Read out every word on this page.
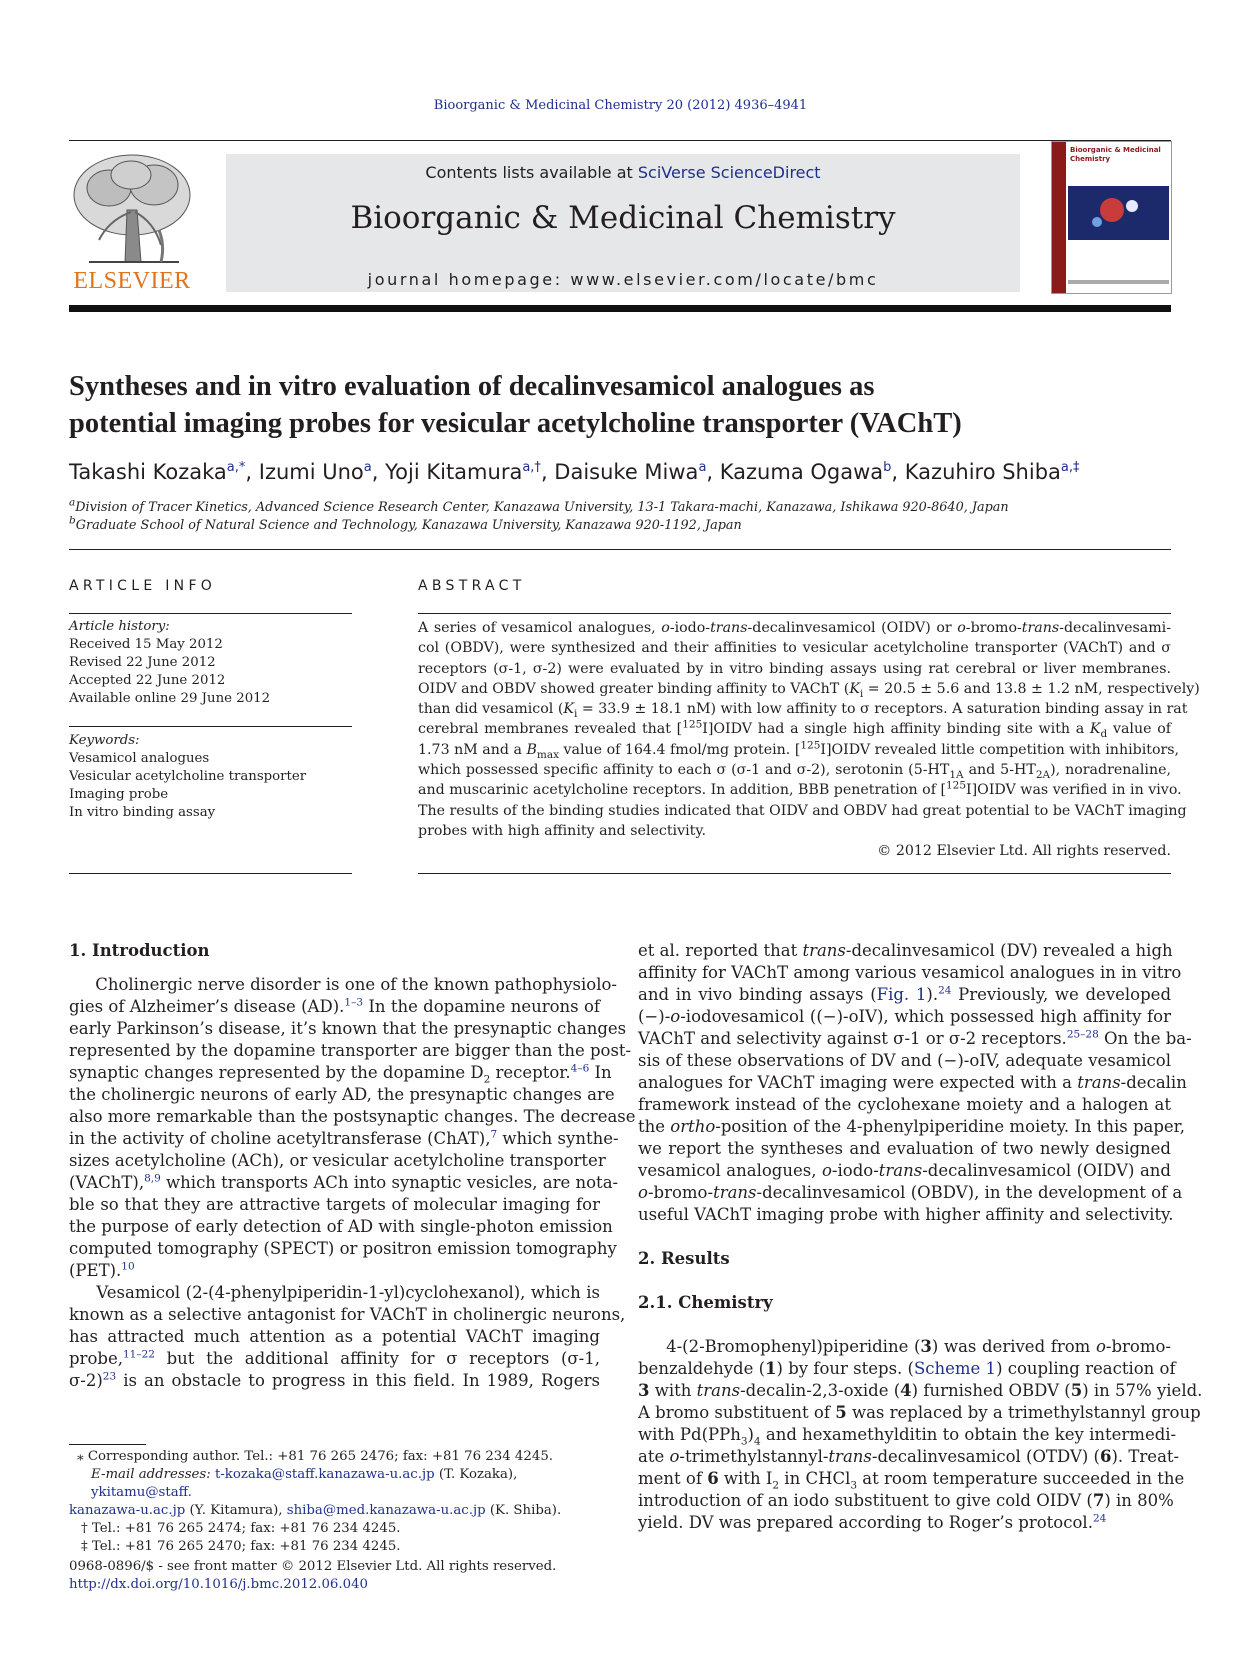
Bioorganic & Medicinal Chemistry 20 (2012) 4936–4941
ELSEVIER
Contents lists available at SciVerse ScienceDirect
Bioorganic & Medicinal Chemistry
journal homepage: www.elsevier.com/locate/bmc
Bioorganic & Medicinal Chemistry
Syntheses and in vitro evaluation of decalinvesamicol analogues as
potential imaging probes for vesicular acetylcholine transporter (VAChT)
Takashi Kozaka$^{a,*}$, Izumi Uno$^a$, Yoji Kitamura$^{a,\dagger}$, Daisuke Miwa$^a$, Kazuma Ogawa$^b$, Kazuhiro Shiba$^{a,\ddagger}$
$^a$Division of Tracer Kinetics, Advanced Science Research Center, Kanazawa University, 13-1 Takara-machi, Kanazawa, Ishikawa 920-8640, Japan
$^b$Graduate School of Natural Science and Technology, Kanazawa University, Kanazawa 920-1192, Japan
ARTICLE INFO	ABSTRACT
Article history:
Received 15 May 2012
Revised 22 June 2012
Accepted 22 June 2012
Available online 29 June 2012
Keywords:
Vesamicol analogues
Vesicular acetylcholine transporter
Imaging probe
In vitro binding assay
A series of vesamicol analogues, o-iodo-trans-decalinvesamicol (OIDV) or o-bromo-trans-decalinvesami-
col (OBDV), were synthesized and their affinities to vesicular acetylcholine transporter (VAChT) and σ
receptors (σ-1, σ-2) were evaluated by in vitro binding assays using rat cerebral or liver membranes.
OIDV and OBDV showed greater binding affinity to VAChT ($K_i = 20.5 \pm 5.6$ and 13.8 ± 1.2 nM, respectively)
than did vesamicol ($K_i = 33.9 \pm 18.1$ nM) with low affinity to σ receptors. A saturation binding assay in rat
cerebral membranes revealed that [$^{125}$I]OIDV had a single high affinity binding site with a $K_d$ value of
1.73 nM and a $B_{max}$ value of 164.4 fmol/mg protein. [$^{125}$I]OIDV revealed little competition with inhibitors,
which possessed specific affinity to each σ (σ-1 and σ-2), serotonin ($5-HT_{1A}$ and $5-HT_{2A}$), noradrenaline,
and muscarinic acetylcholine receptors. In addition, BBB penetration of [$^{125}$I]OIDV was verified in in vivo.
The results of the binding studies indicated that OIDV and OBDV had great potential to be VAChT imaging
probes with high affinity and selectivity.
© 2012 Elsevier Ltd. All rights reserved.
1. Introduction
Cholinergic nerve disorder is one of the known pathophysiolo-
gies of Alzheimer’s disease (AD).$^{1-3}$ In the dopamine neurons of
early Parkinson’s disease, it’s known that the presynaptic changes
represented by the dopamine transporter are bigger than the post-
synaptic changes represented by the dopamine $D_2$ receptor.$^{4-6}$ In
the cholinergic neurons of early AD, the presynaptic changes are
also more remarkable than the postsynaptic changes. The decrease
in the activity of choline acetyltransferase (ChAT),$^7$ which synthe-
sizes acetylcholine (ACh), or vesicular acetylcholine transporter
(VAChT),$^{8,9}$ which transports ACh into synaptic vesicles, are nota-
ble so that they are attractive targets of molecular imaging for
the purpose of early detection of AD with single-photon emission
computed tomography (SPECT) or positron emission tomography
(PET).$^{10}$
Vesamicol (2-(4-phenylpiperidin-1-yl)cyclohexanol), which is
known as a selective antagonist for VAChT in cholinergic neurons,
has attracted much attention as a potential VAChT imaging
probe,$^{11-22}$ but the additional affinity for σ receptors (σ-1,
σ-2)$^{23}$ is an obstacle to progress in this field. In 1989, Rogers
⁎ Corresponding author. Tel.: +81 76 265 2476; fax: +81 76 234 4245.
E-mail addresses: t-kozaka@staff.kanazawa-u.ac.jp (T. Kozaka), ykitamu@staff.
kanazawa-u.ac.jp (Y. Kitamura), shiba@med.kanazawa-u.ac.jp (K. Shiba).
† Tel.: +81 76 265 2474; fax: +81 76 234 4245.
‡ Tel.: +81 76 265 2470; fax: +81 76 234 4245.
0968-0896/$ - see front matter © 2012 Elsevier Ltd. All rights reserved.
http://dx.doi.org/10.1016/j.bmc.2012.06.040
et al. reported that trans-decalinvesamicol (DV) revealed a high
affinity for VAChT among various vesamicol analogues in in vitro
and in vivo binding assays (Fig. 1).$^{24}$ Previously, we developed
(−)-o-iodovesamicol ((−)-oIV), which possessed high affinity for
VAChT and selectivity against σ-1 or σ-2 receptors.$^{25-28}$ On the ba-
sis of these observations of DV and (−)-oIV, adequate vesamicol
analogues for VAChT imaging were expected with a trans-decalin
framework instead of the cyclohexane moiety and a halogen at
the ortho-position of the 4-phenylpiperidine moiety. In this paper,
we report the syntheses and evaluation of two newly designed
vesamicol analogues, o-iodo-trans-decalinvesamicol (OIDV) and
o-bromo-trans-decalinvesamicol (OBDV), in the development of a
useful VAChT imaging probe with higher affinity and selectivity.
2. Results
2.1. Chemistry
4-(2-Bromophenyl)piperidine (3) was derived from o-bromo-
benzaldehyde (1) by four steps. (Scheme 1) coupling reaction of
3 with trans-decalin-2,3-oxide (4) furnished OBDV (5) in 57% yield.
A bromo substituent of 5 was replaced by a trimethylstannyl group
with $Pd(PPh_3)_4$ and hexamethylditin to obtain the key intermedi-
ate o-trimethylstannyl-trans-decalinvesamicol (OTDV) (6). Treat-
ment of 6 with $I_2$ in CHCl$_3$ at room temperature succeeded in the
introduction of an iodo substituent to give cold OIDV (7) in 80%
yield. DV was prepared according to Roger’s protocol.$^{24}$
